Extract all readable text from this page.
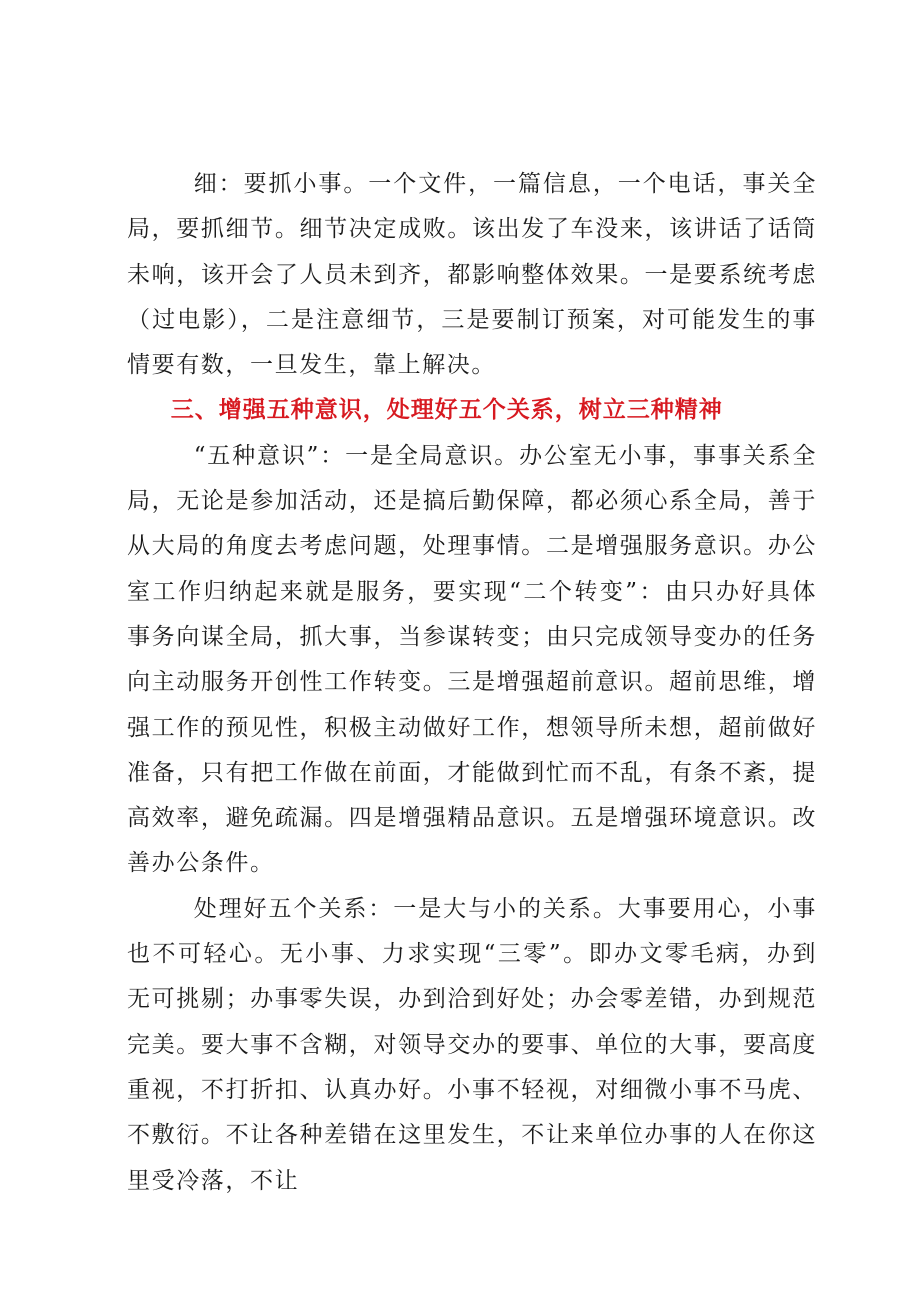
细：要抓小事。一个文件，一篇信息，一个电话，事关全局，要抓细节。细节决定成败。该出发了车没来，该讲话了话筒未响，该开会了人员未到齐，都影响整体效果。一是要系统考虑（过电影），二是注意细节，三是要制订预案，对可能发生的事情要有数，一旦发生，靠上解决。

三、增强五种意识，处理好五个关系，树立三种精神

“五种意识”：一是全局意识。办公室无小事，事事关系全局，无论是参加活动，还是搞后勤保障，都必须心系全局，善于从大局的角度去考虑问题，处理事情。二是增强服务意识。办公室工作归纳起来就是服务，要实现“二个转变”：由只办好具体事务向谋全局，抓大事，当参谋转变；由只完成领导变办的任务向主动服务开创性工作转变。三是增强超前意识。超前思维，增强工作的预见性，积极主动做好工作，想领导所未想，超前做好准备，只有把工作做在前面，才能做到忙而不乱，有条不紊，提高效率，避免疏漏。四是增强精品意识。五是增强环境意识。改善办公条件。

处理好五个关系：一是大与小的关系。大事要用心，小事也不可轻心。无小事、力求实现“三零”。即办文零毛病，办到无可挑剔；办事零失误，办到洽到好处；办会零差错，办到规范完美。要大事不含糊，对领导交办的要事、单位的大事，要高度重视，不打折扣、认真办好。小事不轻视，对细微小事不马虎、不敷衍。不让各种差错在这里发生，不让来单位办事的人在你这里受冷落，不让
